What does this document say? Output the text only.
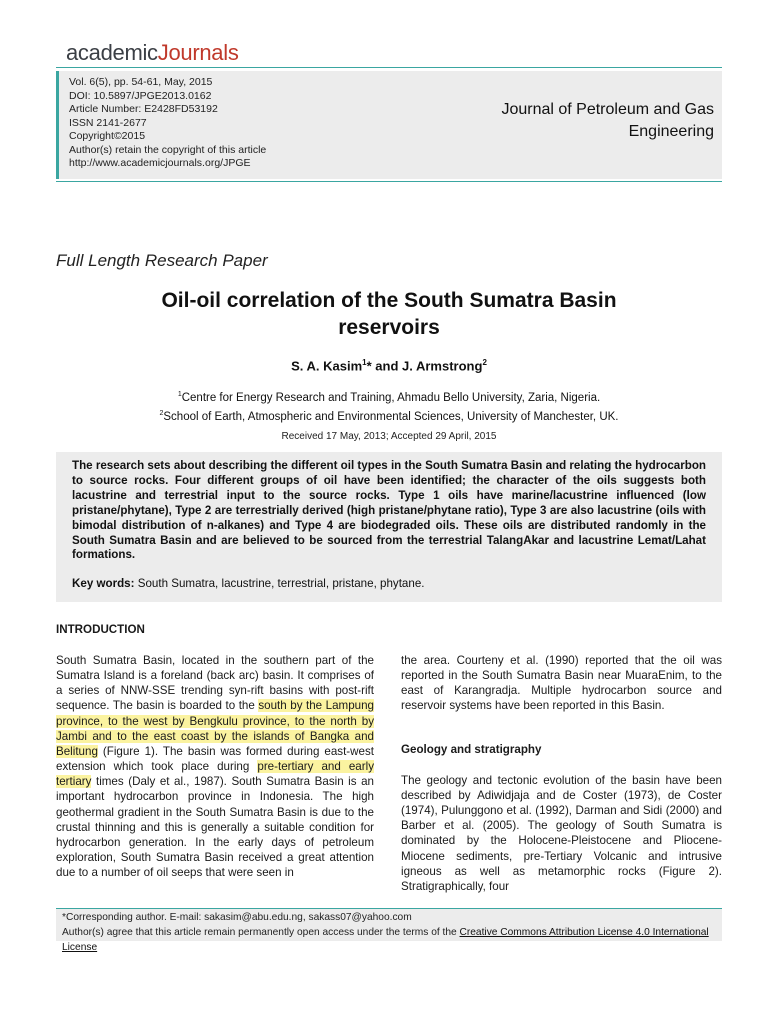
academicJournals
Vol. 6(5), pp. 54-61, May, 2015
DOI: 10.5897/JPGE2013.0162
Article Number: E2428FD53192
ISSN 2141-2677
Copyright©2015
Author(s) retain the copyright of this article
http://www.academicjournals.org/JPGE
Journal of Petroleum and Gas
Engineering
Full Length Research Paper
Oil-oil correlation of the South Sumatra Basin
reservoirs
S. A. Kasim$^1$* and J. Armstrong$^2$
$^1$Centre for Energy Research and Training, Ahmadu Bello University, Zaria, Nigeria.
$^2$School of Earth, Atmospheric and Environmental Sciences, University of Manchester, UK.
Received 17 May, 2013; Accepted 29 April, 2015
The research sets about describing the different oil types in the South Sumatra Basin and relating the hydrocarbon to source rocks. Four different groups of oil have been identified; the character of the oils suggests both lacustrine and terrestrial input to the source rocks. Type 1 oils have marine/lacustrine influenced (low pristane/phytane), Type 2 are terrestrially derived (high pristane/phytane ratio), Type 3 are also lacustrine (oils with bimodal distribution of n-alkanes) and Type 4 are biodegraded oils. These oils are distributed randomly in the South Sumatra Basin and are believed to be sourced from the terrestrial TalangAkar and lacustrine Lemat/Lahat formations.
Key words: South Sumatra, lacustrine, terrestrial, pristane, phytane.
INTRODUCTION
South Sumatra Basin, located in the southern part of the Sumatra Island is a foreland (back arc) basin. It comprises of a series of NNW-SSE trending syn-rift basins with post-rift sequence. The basin is boarded to the south by the Lampung province, to the west by Bengkulu province, to the north by Jambi and to the east coast by the islands of Bangka and Belitung (Figure 1). The basin was formed during east-west extension which took place during pre-tertiary and early tertiary times (Daly et al., 1987). South Sumatra Basin is an important hydrocarbon province in Indonesia. The high geothermal gradient in the South Sumatra Basin is due to the crustal thinning and this is generally a suitable condition for hydrocarbon generation. In the early days of petroleum exploration, South Sumatra Basin received a great attention due to a number of oil seeps that were seen in
the area. Courteny et al. (1990) reported that the oil was reported in the South Sumatra Basin near MuaraEnim, to the east of Karangradja. Multiple hydrocarbon source and reservoir systems have been reported in this Basin.
Geology and stratigraphy
The geology and tectonic evolution of the basin have been described by Adiwidjaja and de Coster (1973), de Coster (1974), Pulunggono et al. (1992), Darman and Sidi (2000) and Barber et al. (2005). The geology of South Sumatra is dominated by the Holocene-Pleistocene and Pliocene-Miocene sediments, pre-Tertiary Volcanic and intrusive igneous as well as metamorphic rocks (Figure 2). Stratigraphically, four
*Corresponding author. E-mail: sakasim@abu.edu.ng, sakass07@yahoo.com
Author(s) agree that this article remain permanently open access under the terms of the Creative Commons Attribution License 4.0 International License
